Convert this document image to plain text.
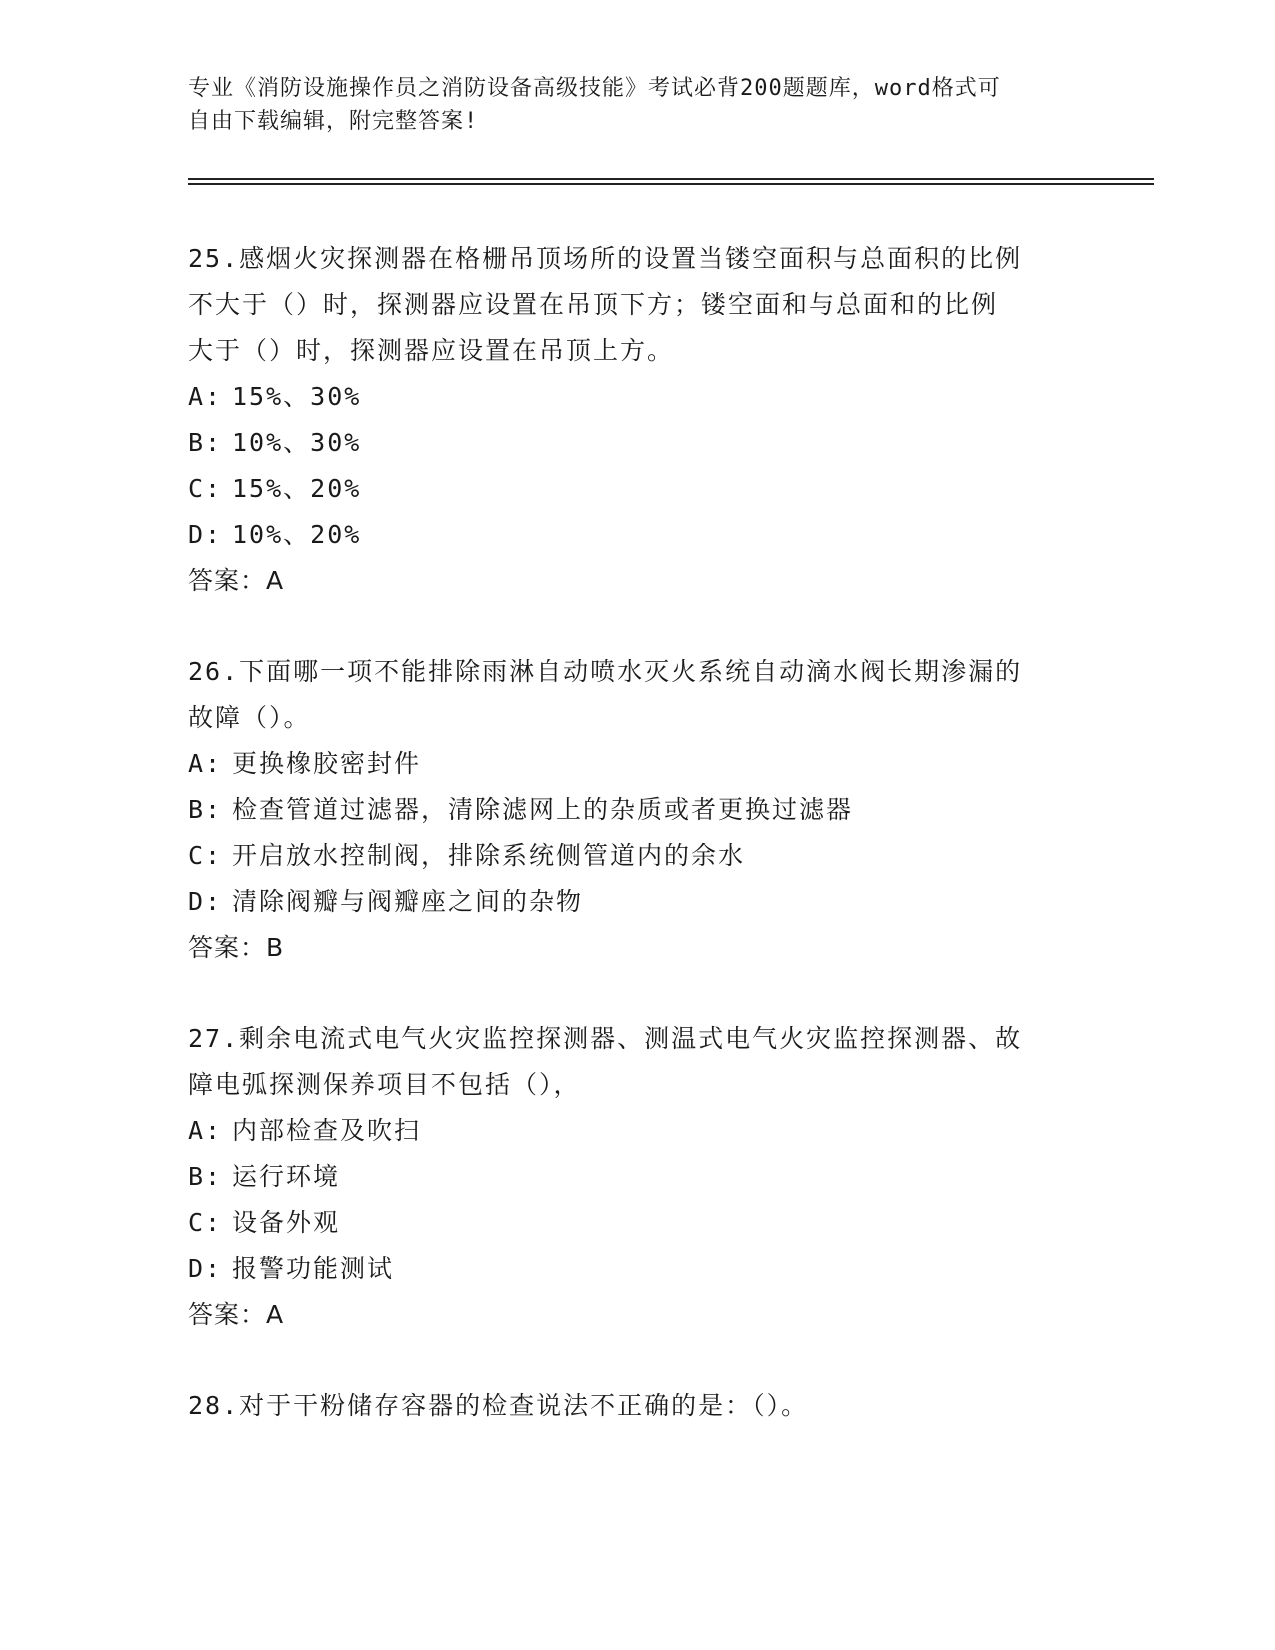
专业《消防设施操作员之消防设备高级技能》考试必背200题题库，word格式可
自由下载编辑，附完整答案!
25.感烟火灾探测器在格栅吊顶场所的设置当镂空面积与总面积的比例
不大于（）时，探测器应设置在吊顶下方；镂空面和与总面和的比例
大于（）时，探测器应设置在吊顶上方。
A: 15%、30%
B: 10%、30%
C: 15%、20%
D: 10%、20%
答案：A
26.下面哪一项不能排除雨淋自动喷水灭火系统自动滴水阀长期渗漏的
故障（）。
A: 更换橡胶密封件
B: 检查管道过滤器，清除滤网上的杂质或者更换过滤器
C: 开启放水控制阀，排除系统侧管道内的余水
D: 清除阀瓣与阀瓣座之间的杂物
答案：B
27.剩余电流式电气火灾监控探测器、测温式电气火灾监控探测器、故
障电弧探测保养项目不包括（），
A: 内部检查及吹扫
B: 运行环境
C: 设备外观
D: 报警功能测试
答案：A
28.对于干粉储存容器的检查说法不正确的是：（）。
